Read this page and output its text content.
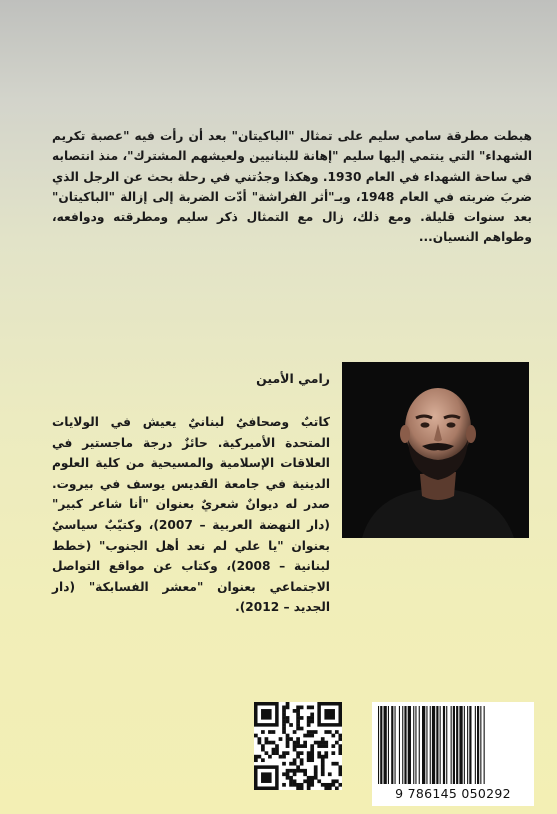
هبطت مطرقة سامي سليم على تمثال "الباكيتان" بعد أن رأت فيه "عصبة تكريم الشهداء" التي ينتمي إليها سليم "إهانة للبنانيين ولعيشهم المشترك"، منذ انتصابه في ساحة الشهداء في العام 1930. وهكذا وجدُتني في رحلة بحث عن الرجل الذي ضربَ ضربته في العام 1948، وبـ"أثر الفراشة" أدّت الضربة إلى إزالة "الباكيتان" بعد سنوات قليلة. ومع ذلك، زال مع التمثال ذكر سليم ومطرقته ودوافعه، وطواهم النسيان...

رامي الأمين

كاتبٌ وصحافيٌ لبنانيٌ يعيش في الولايات المتحدة الأميركية. حائزٌ درجة ماجستير في العلاقات الإسلامية والمسيحية من كلية العلوم الدينية في جامعة القديس يوسف في بيروت. صدر له ديوانٌ شعريٌ بعنوان "أنا شاعر كبير" (دار النهضة العربية – 2007)، وكتيّبٌ سياسيٌ بعنوان "يا علي لم نعد أهل الجنوب" (خطط لبنانية – 2008)، وكتاب عن مواقع التواصل الاجتماعي بعنوان "معشر الفسابكة" (دار الجديد – 2012).

9 786145 050292
